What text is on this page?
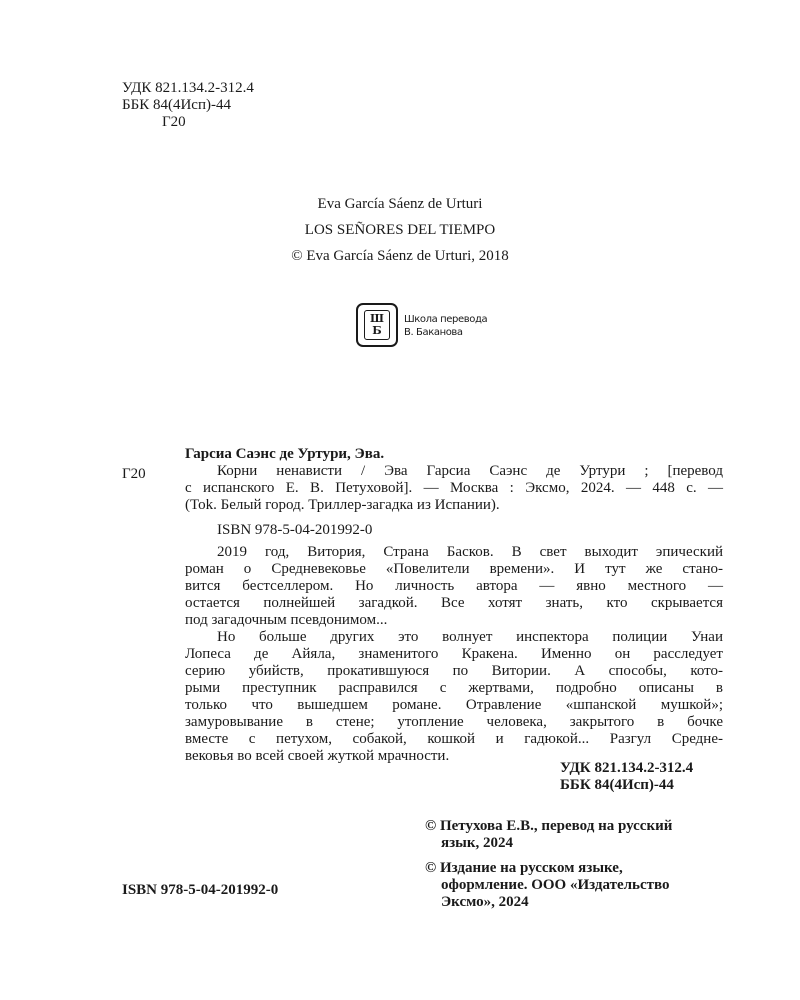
УДК 821.134.2-312.4
ББК 84(4Исп)-44
Г20
Eva García Sáenz de Urturi
LOS SEÑORES DEL TIEMPO
© Eva García Sáenz de Urturi, 2018
Ш
Б
Школа перевода
В. Баканова
Г20
Гарсиа Саэнс де Уртури, Эва.
Корни ненависти / Эва Гарсиа Саэнс де Уртури ; [перевод
с испанского Е. В. Петуховой]. — Москва : Эксмо, 2024. — 448 с. —
(Tok. Белый город. Триллер-загадка из Испании).
ISBN 978-5-04-201992-0
2019 год, Витория, Страна Басков. В свет выходит эпический
роман о Средневековье «Повелители времени». И тут же стано-
вится бестселлером. Но личность автора — явно местного —
остается полнейшей загадкой. Все хотят знать, кто скрывается
под загадочным псевдонимом...
Но больше других это волнует инспектора полиции Унаи
Лопеса де Айяла, знаменитого Кракена. Именно он расследует
серию убийств, прокатившуюся по Витории. А способы, кото-
рыми преступник расправился с жертвами, подробно описаны в
только что вышедшем романе. Отравление «шпанской мушкой»;
замуровывание в стене; утопление человека, закрытого в бочке
вместе с петухом, собакой, кошкой и гадюкой... Разгул Средне-
вековья во всей своей жуткой мрачности.
УДК 821.134.2-312.4
ББК 84(4Исп)-44
© Петухова Е.В., перевод на русский
язык, 2024
© Издание на русском языке,
оформление. ООО «Издательство
Эксмо», 2024
ISBN 978-5-04-201992-0
